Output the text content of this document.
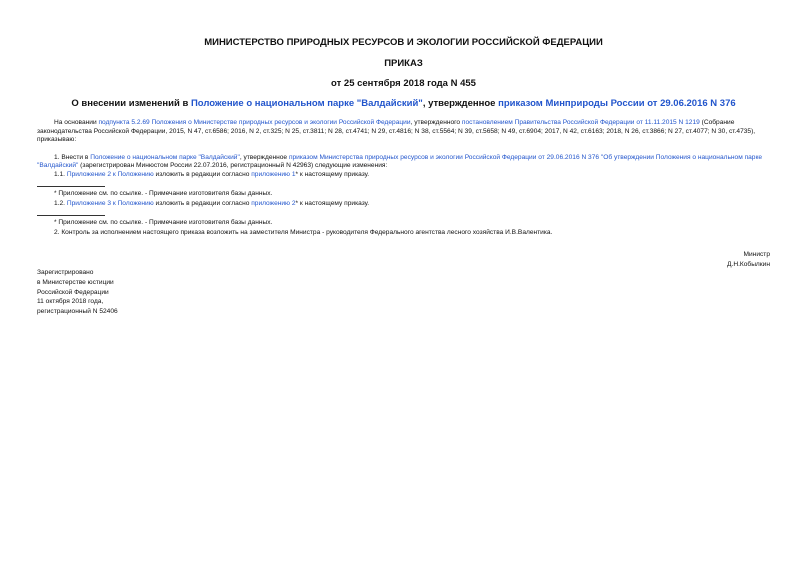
МИНИСТЕРСТВО ПРИРОДНЫХ РЕСУРСОВ И ЭКОЛОГИИ РОССИЙСКОЙ ФЕДЕРАЦИИ
ПРИКАЗ
от 25 сентября 2018 года N 455
О внесении изменений в Положение о национальном парке "Валдайский", утвержденное приказом Минприроды России от 29.06.2016 N 376

На основании подпункта 5.2.69 Положения о Министерстве природных ресурсов и экологии Российской Федерации, утвержденного постановлением Правительства Российской Федерации от 11.11.2015 N 1219 (Собрание законодательства Российской Федерации, 2015, N 47, ст.6586; 2016, N 2, ст.325; N 25, ст.3811; N 28, ст.4741; N 29, ст.4816; N 38, ст.5564; N 39, ст.5658; N 49, ст.6904; 2017, N 42, ст.6163; 2018, N 26, ст.3866; N 27, ст.4077; N 30, ст.4735),

приказываю:

1. Внести в Положение о национальном парке "Валдайский", утвержденное приказом Министерства природных ресурсов и экологии Российской Федерации от 29.06.2016 N 376 "Об утверждении Положения о национальном парке "Валдайский" (зарегистрирован Минюстом России 22.07.2016, регистрационный N 42963) следующие изменения:

1.1. Приложение 2 к Положению изложить в редакции согласно приложению 1* к настоящему приказу.

* Приложение см. по ссылке. - Примечание изготовителя базы данных.

1.2. Приложение 3 к Положению изложить в редакции согласно приложению 2* к настоящему приказу.

* Приложение см. по ссылке. - Примечание изготовителя базы данных.

2. Контроль за исполнением настоящего приказа возложить на заместителя Министра - руководителя Федерального агентства лесного хозяйства И.В.Валентика.

Министр
Д.Н.Кобылкин
Зарегистрировано
в Министерстве юстиции
Российской Федерации
11 октября 2018 года,
регистрационный N 52406
